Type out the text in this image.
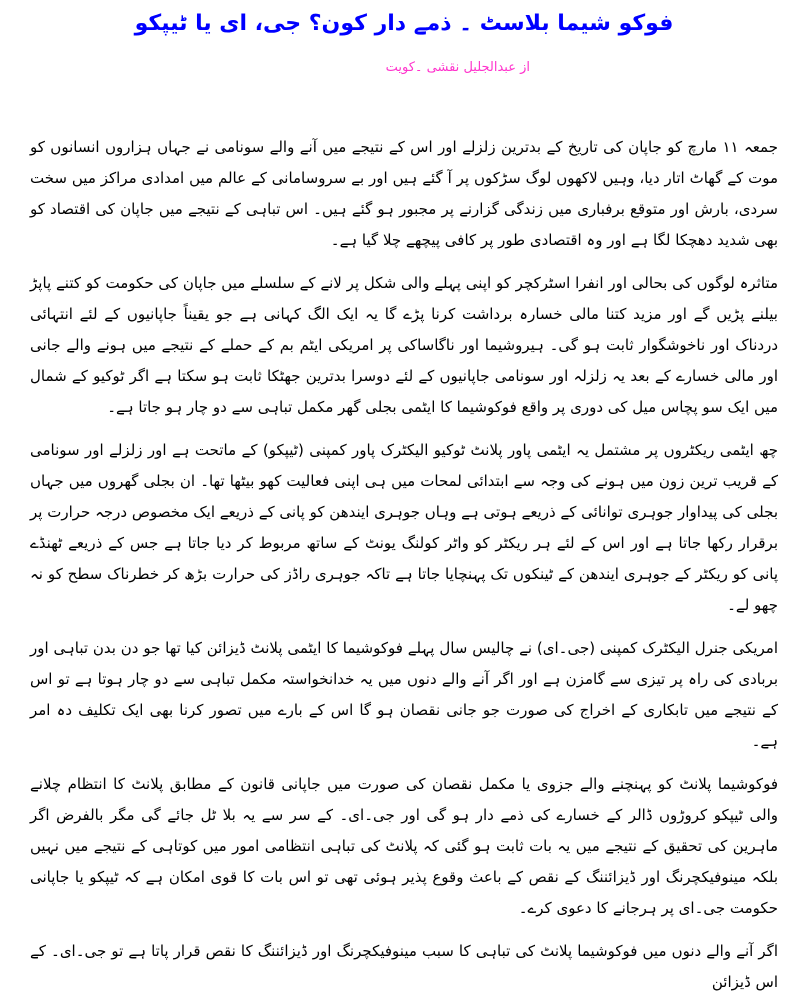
فوکو شیما بلاسٹ ۔ ذمے دار کون؟ جی، ای یا ٹیپکو
از عبدالجلیل نقشی ۔کویت

جمعہ ۱۱ مارچ کو جاپان کی تاریخ کے بدترین زلزلے اور اس کے نتیجے میں آنے والے سونامی نے جہاں ہزاروں انسانوں کو موت کے گھاٹ اتار دیا، وہیں لاکھوں لوگ سڑکوں پر آ گئے ہیں اور بے سروسامانی کے عالم میں امدادی مراکز میں سخت سردی، بارش اور متوقع برفباری میں زندگی گزارنے پر مجبور ہو گئے ہیں۔ اس تباہی کے نتیجے میں جاپان کی اقتصاد کو بھی شدید دھچکا لگا ہے اور وہ اقتصادی طور پر کافی پیچھے چلا گیا ہے۔

متاثرہ لوگوں کی بحالی اور انفرا اسٹرکچر کو اپنی پہلے والی شکل پر لانے کے سلسلے میں جاپان کی حکومت کو کتنے پاپڑ بیلنے پڑیں گے اور مزید کتنا مالی خسارہ برداشت کرنا پڑے گا یہ ایک الگ کہانی ہے جو یقیناً جاپانیوں کے لئے انتہائی دردناک اور ناخوشگوار ثابت ہو گی۔ ہیروشیما اور ناگاساکی پر امریکی ایٹم بم کے حملے کے نتیجے میں ہونے والے جانی اور مالی خسارے کے بعد یہ زلزلہ اور سونامی جاپانیوں کے لئے دوسرا بدترین جھٹکا ثابت ہو سکتا ہے اگر ٹوکیو کے شمال میں ایک سو پچاس میل کی دوری پر واقع فوکوشیما کا ایٹمی بجلی گھر مکمل تباہی سے دو چار ہو جاتا ہے۔

چھ ایٹمی ریکٹروں پر مشتمل یہ ایٹمی پاور پلانٹ ٹوکیو الیکٹرک پاور کمپنی (ٹیپکو) کے ماتحت ہے اور زلزلے اور سونامی کے قریب ترین زون میں ہونے کی وجہ سے ابتدائی لمحات میں ہی اپنی فعالیت کھو بیٹھا تھا۔ ان بجلی گھروں میں جہاں بجلی کی پیداوار جوہری توانائی کے ذریعے ہوتی ہے وہاں جوہری ایندھن کو پانی کے ذریعے ایک مخصوص درجہ حرارت پر برقرار رکھا جاتا ہے اور اس کے لئے ہر ریکٹر کو واٹر کولنگ یونٹ کے ساتھ مربوط کر دیا جاتا ہے جس کے ذریعے ٹھنڈے پانی کو ریکٹر کے جوہری ایندھن کے ٹینکوں تک پہنچایا جاتا ہے تاکہ جوہری راڈز کی حرارت بڑھ کر خطرناک سطح کو نہ چھو لے۔

امریکی جنرل الیکٹرک کمپنی (جی۔ای) نے چالیس سال پہلے فوکوشیما کا ایٹمی پلانٹ ڈیزائن کیا تھا جو دن بدن تباہی اور بربادی کی راہ پر تیزی سے گامزن ہے اور اگر آنے والے دنوں میں یہ خدانخواستہ مکمل تباہی سے دو چار ہوتا ہے تو اس کے نتیجے میں تابکاری کے اخراج کی صورت جو جانی نقصان ہو گا اس کے بارے میں تصور کرنا بھی ایک تکلیف دہ امر ہے۔

فوکوشیما پلانٹ کو پہنچنے والے جزوی یا مکمل نقصان کی صورت میں جاپانی قانون کے مطابق پلانٹ کا انتظام چلانے والی ٹیپکو کروڑوں ڈالر کے خسارے کی ذمے دار ہو گی اور جی۔ای۔ کے سر سے یہ بلا ٹل جائے گی مگر بالفرض اگر ماہرین کی تحقیق کے نتیجے میں یہ بات ثابت ہو گئی کہ پلانٹ کی تباہی انتظامی امور میں کوتاہی کے نتیجے میں نہیں بلکہ مینوفیکچرنگ اور ڈیزائننگ کے نقص کے باعث وقوع پذیر ہوئی تھی تو اس بات کا قوی امکان ہے کہ ٹیپکو یا جاپانی حکومت جی۔ای پر ہرجانے کا دعوی کرے۔

اگر آنے والے دنوں میں فوکوشیما پلانٹ کی تباہی کا سبب مینوفیکچرنگ اور ڈیزائننگ کا نقص قرار پاتا ہے تو جی۔ای۔ کے اس ڈیزائن
